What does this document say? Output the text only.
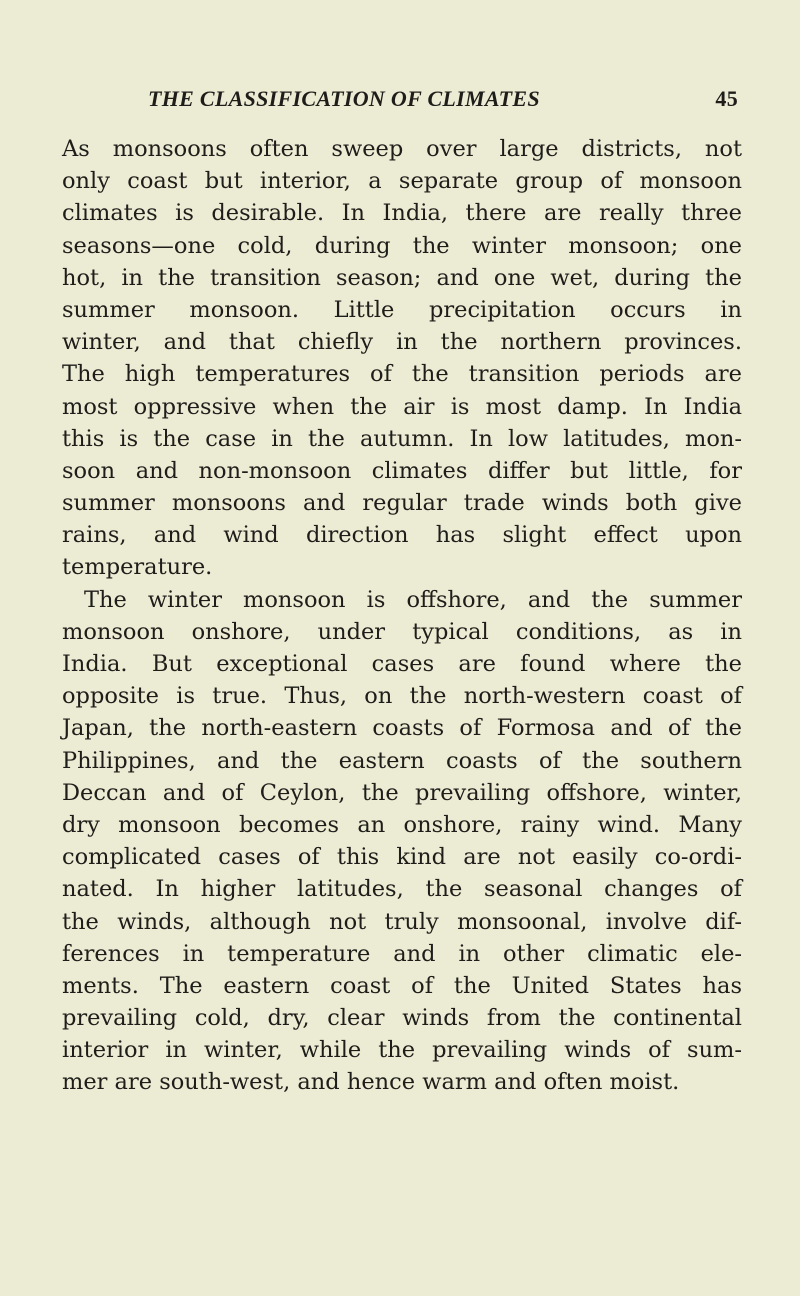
THE CLASSIFICATION OF CLIMATES	45
As monsoons often sweep over large districts, not
only coast but interior, a separate group of monsoon
climates is desirable. In India, there are really three
seasons—one cold, during the winter monsoon; one
hot, in the transition season; and one wet, during the
summer monsoon. Little precipitation occurs in
winter, and that chiefly in the northern provinces.
The high temperatures of the transition periods are
most oppressive when the air is most damp. In India
this is the case in the autumn. In low latitudes, mon-
soon and non-monsoon climates differ but little, for
summer monsoons and regular trade winds both give
rains, and wind direction has slight effect upon
temperature.
The winter monsoon is offshore, and the summer
monsoon onshore, under typical conditions, as in
India. But exceptional cases are found where the
opposite is true. Thus, on the north-western coast of
Japan, the north-eastern coasts of Formosa and of the
Philippines, and the eastern coasts of the southern
Deccan and of Ceylon, the prevailing offshore, winter,
dry monsoon becomes an onshore, rainy wind. Many
complicated cases of this kind are not easily co-ordi-
nated. In higher latitudes, the seasonal changes of
the winds, although not truly monsoonal, involve dif-
ferences in temperature and in other climatic ele-
ments. The eastern coast of the United States has
prevailing cold, dry, clear winds from the continental
interior in winter, while the prevailing winds of sum-
mer are south-west, and hence warm and often moist.
